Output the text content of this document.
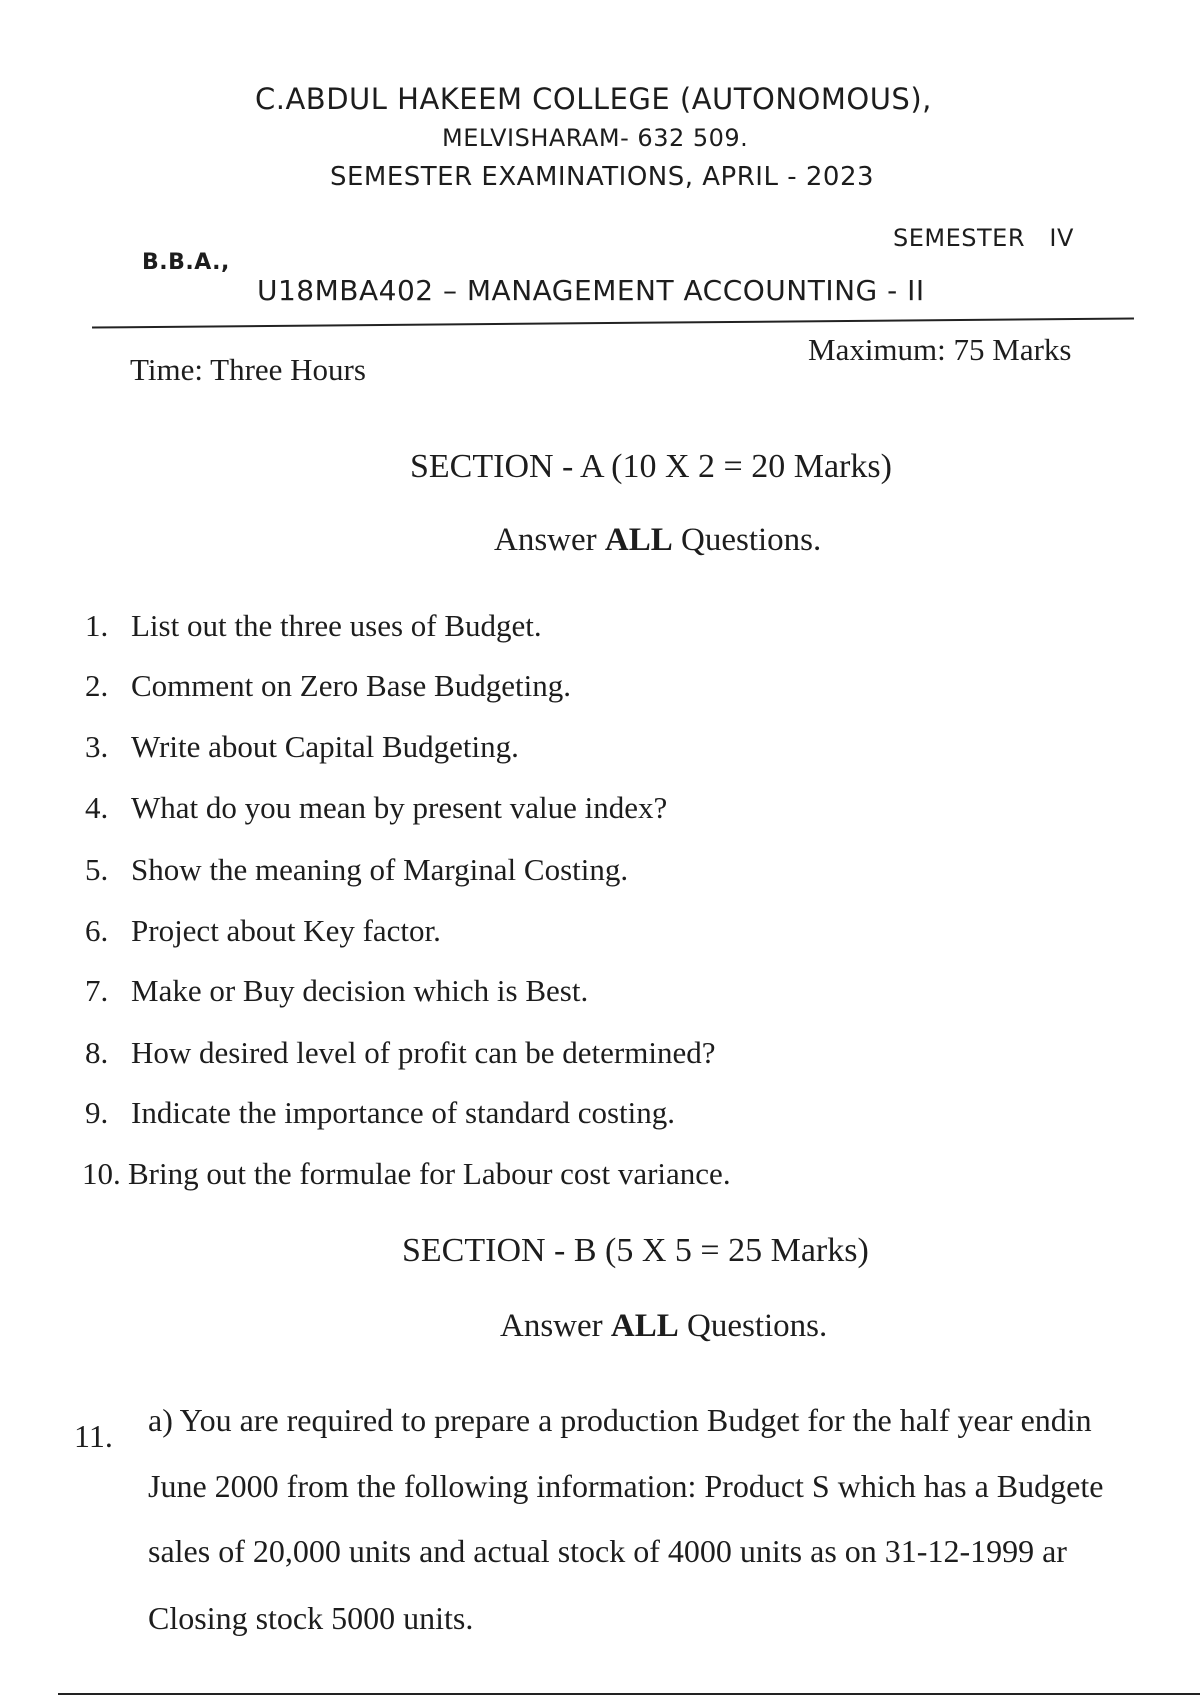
C.ABDUL HAKEEM COLLEGE (AUTONOMOUS),
MELVISHARAM- 632 509.
SEMESTER EXAMINATIONS, APRIL - 2023
B.B.A.,
SEMESTER   IV
U18MBA402 – MANAGEMENT ACCOUNTING - II
Time: Three Hours
Maximum: 75 Marks
SECTION - A (10 X 2 = 20 Marks)
Answer ALL Questions.
1. List out the three uses of Budget.
2. Comment on Zero Base Budgeting.
3. Write about Capital Budgeting.
4. What do you mean by present value index?
5. Show the meaning of Marginal Costing.
6. Project about Key factor.
7. Make or Buy decision which is Best.
8. How desired level of profit can be determined?
9. Indicate the importance of standard costing.
10. Bring out the formulae for Labour cost variance.
SECTION - B (5 X 5 = 25 Marks)
Answer ALL Questions.
11. a) You are required to prepare a production Budget for the half year endin
June 2000 from the following information: Product S which has a Budgete
sales of 20,000 units and actual stock of 4000 units as on 31-12-1999 ar
Closing stock 5000 units.
